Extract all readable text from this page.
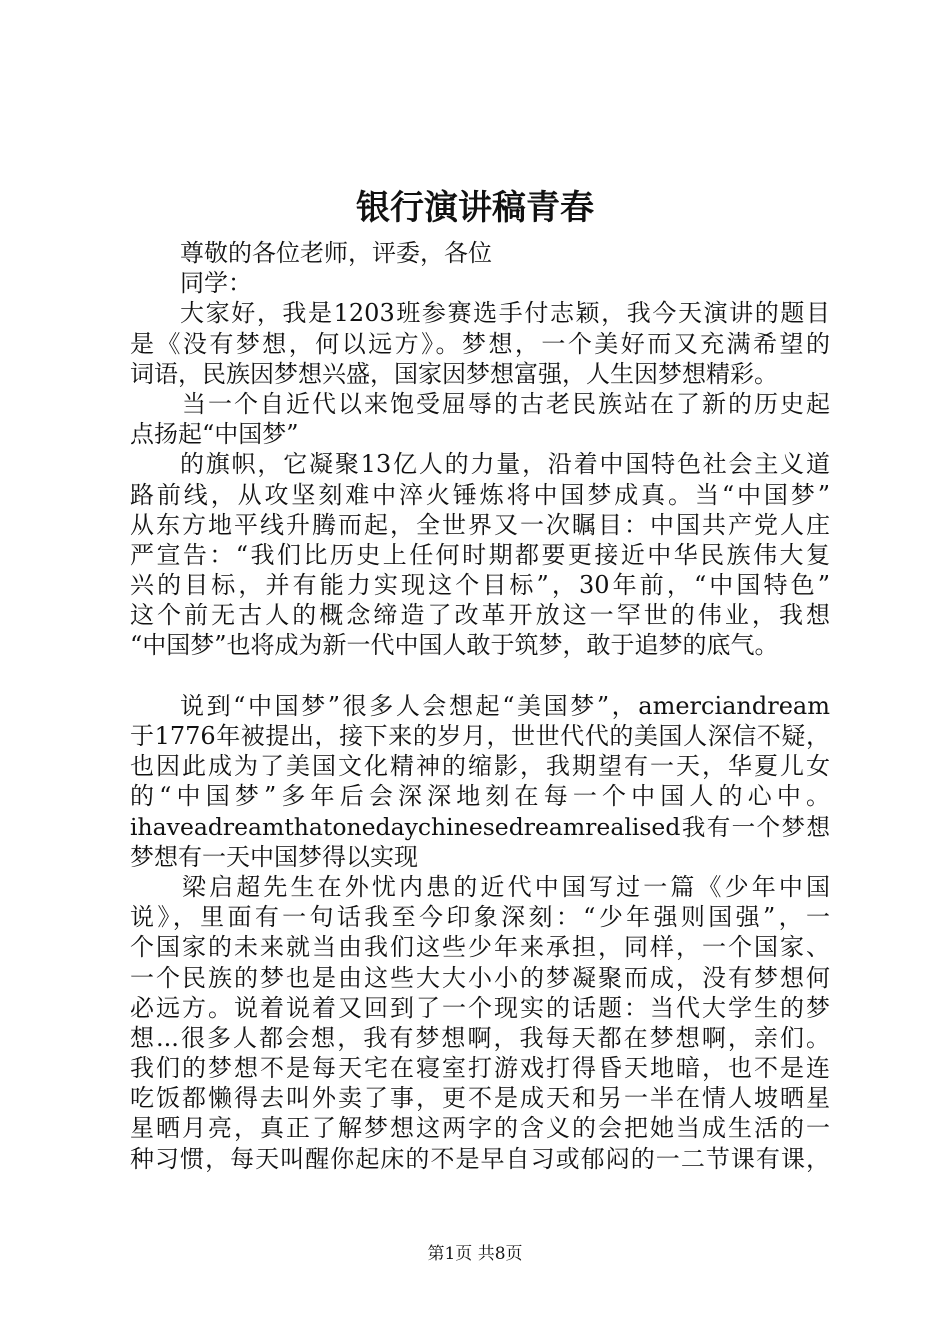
银行演讲稿青春
尊敬的各位老师，评委，各位
同学：
大家好，我是1203班参赛选手付志颖，我今天演讲的题目
是《没有梦想，何以远方》。梦想，一个美好而又充满希望的
词语，民族因梦想兴盛，国家因梦想富强，人生因梦想精彩。
当一个自近代以来饱受屈辱的古老民族站在了新的历史起
点扬起“中国梦”
的旗帜，它凝聚13亿人的力量，沿着中国特色社会主义道
路前线，从攻坚刻难中淬火锤炼将中国梦成真。当“中国梦”
从东方地平线升腾而起，全世界又一次瞩目：中国共产党人庄
严宣告：“我们比历史上任何时期都要更接近中华民族伟大复
兴的目标，并有能力实现这个目标”，30年前，“中国特色”
这个前无古人的概念缔造了改革开放这一罕世的伟业，我想
“中国梦”也将成为新一代中国人敢于筑梦，敢于追梦的底气。
说到“中国梦”很多人会想起“美国梦”，amerciandream
于1776年被提出，接下来的岁月，世世代代的美国人深信不疑，
也因此成为了美国文化精神的缩影，我期望有一天，华夏儿女
的“中国梦”多年后会深深地刻在每一个中国人的心中。
ihaveadreamthatonedaychinesedreamrealised我有一个梦想
梦想有一天中国梦得以实现
梁启超先生在外忧内患的近代中国写过一篇《少年中国
说》，里面有一句话我至今印象深刻：“少年强则国强”，一
个国家的未来就当由我们这些少年来承担，同样，一个国家、
一个民族的梦也是由这些大大小小的梦凝聚而成，没有梦想何
必远方。说着说着又回到了一个现实的话题：当代大学生的梦
想...很多人都会想，我有梦想啊，我每天都在梦想啊，亲们。
我们的梦想不是每天宅在寝室打游戏打得昏天地暗，也不是连
吃饭都懒得去叫外卖了事，更不是成天和另一半在情人坡晒星
星晒月亮，真正了解梦想这两字的含义的会把她当成生活的一
种习惯，每天叫醒你起床的不是早自习或郁闷的一二节课有课，
第1页 共8页
